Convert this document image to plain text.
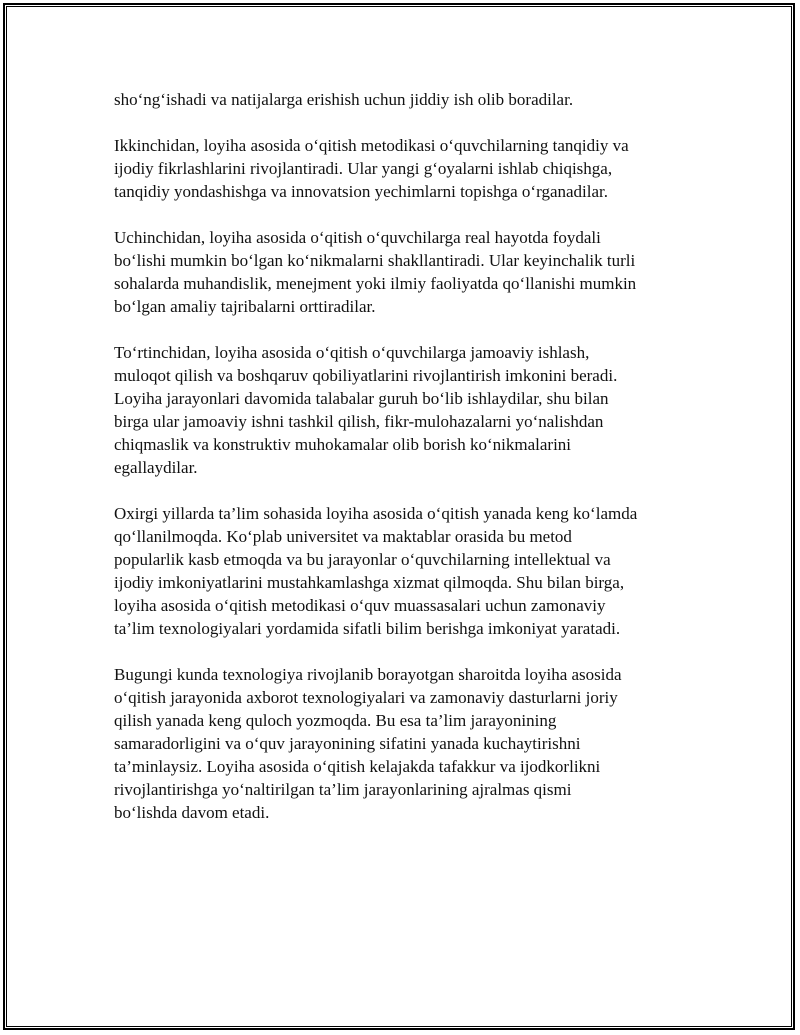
sho‘ng‘ishadi va natijalarga erishish uchun jiddiy ish olib boradilar.

Ikkinchidan, loyiha asosida o‘qitish metodikasi o‘quvchilarning tanqidiy va
ijodiy fikrlashlarini rivojlantiradi. Ular yangi g‘oyalarni ishlab chiqishga,
tanqidiy yondashishga va innovatsion yechimlarni topishga o‘rganadilar.

Uchinchidan, loyiha asosida o‘qitish o‘quvchilarga real hayotda foydali
bo‘lishi mumkin bo‘lgan ko‘nikmalarni shakllantiradi. Ular keyinchalik turli
sohalarda muhandislik, menejment yoki ilmiy faoliyatda qo‘llanishi mumkin
bo‘lgan amaliy tajribalarni orttiradilar.

To‘rtinchidan, loyiha asosida o‘qitish o‘quvchilarga jamoaviy ishlash,
muloqot qilish va boshqaruv qobiliyatlarini rivojlantirish imkonini beradi.
Loyiha jarayonlari davomida talabalar guruh bo‘lib ishlaydilar, shu bilan
birga ular jamoaviy ishni tashkil qilish, fikr-mulohazalarni yo‘nalishdan
chiqmaslik va konstruktiv muhokamalar olib borish ko‘nikmalarini
egallaydilar.

Oxirgi yillarda ta’lim sohasida loyiha asosida o‘qitish yanada keng ko‘lamda
qo‘llanilmoqda. Ko‘plab universitet va maktablar orasida bu metod
popularlik kasb etmoqda va bu jarayonlar o‘quvchilarning intellektual va
ijodiy imkoniyatlarini mustahkamlashga xizmat qilmoqda. Shu bilan birga,
loyiha asosida o‘qitish metodikasi o‘quv muassasalari uchun zamonaviy
ta’lim texnologiyalari yordamida sifatli bilim berishga imkoniyat yaratadi.

Bugungi kunda texnologiya rivojlanib borayotgan sharoitda loyiha asosida
o‘qitish jarayonida axborot texnologiyalari va zamonaviy dasturlarni joriy
qilish yanada keng quloch yozmoqda. Bu esa ta’lim jarayonining
samaradorligini va o‘quv jarayonining sifatini yanada kuchaytirishni
ta’minlaysiz. Loyiha asosida o‘qitish kelajakda tafakkur va ijodkorlikni
rivojlantirishga yo‘naltirilgan ta’lim jarayonlarining ajralmas qismi
bo‘lishda davom etadi.
